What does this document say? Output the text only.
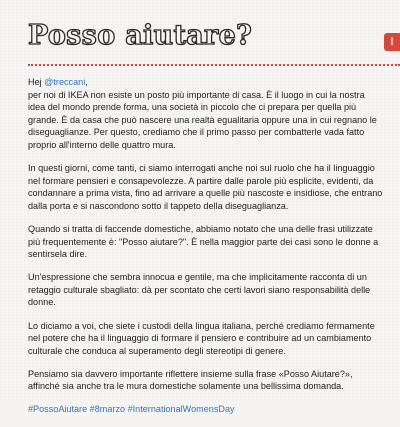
Posso aiutare?	!

Hej @treccani,
per noi di IKEA non esiste un posto più importante di casa. È il luogo in cui la nostra idea del mondo prende forma, una società in piccolo che ci prepara per quella più grande. È da casa che può nascere una realtà egualitaria oppure una in cui regnano le diseguaglianze. Per questo, crediamo che il primo passo per combatterle vada fatto proprio all'interno delle quattro mura.

In questi giorni, come tanti, ci siamo interrogati anche noi sul ruolo che ha il linguaggio nel formare pensieri e consapevolezze. A partire dalle parole più esplicite, evidenti, da condannare a prima vista, fino ad arrivare a quelle più nascoste e insidiose, che entrano dalla porta e si nascondono sotto il tappeto della diseguaglianza.

Quando si tratta di faccende domestiche, abbiamo notato che una delle frasi utilizzate più frequentemente è: "Posso aiutare?". È nella maggior parte dei casi sono le donne a sentirsela dire.

Un'espressione che sembra innocua e gentile, ma che implicitamente racconta di un retaggio culturale sbagliato: dà per scontato che certi lavori siano responsabilità delle donne.

Lo diciamo a voi, che siete i custodi della lingua italiana, perché crediamo fermamente nel potere che ha il linguaggio di formare il pensiero e contribuire ad un cambiamento culturale che conduca al superamento degli stereotipi di genere.

Pensiamo sia davvero importante riflettere insieme sulla frase «Posso Aiutare?», affinché sia anche tra le mura domestiche solamente una bellissima domanda.

#PossoAiutare #8marzo #InternationalWomensDay
